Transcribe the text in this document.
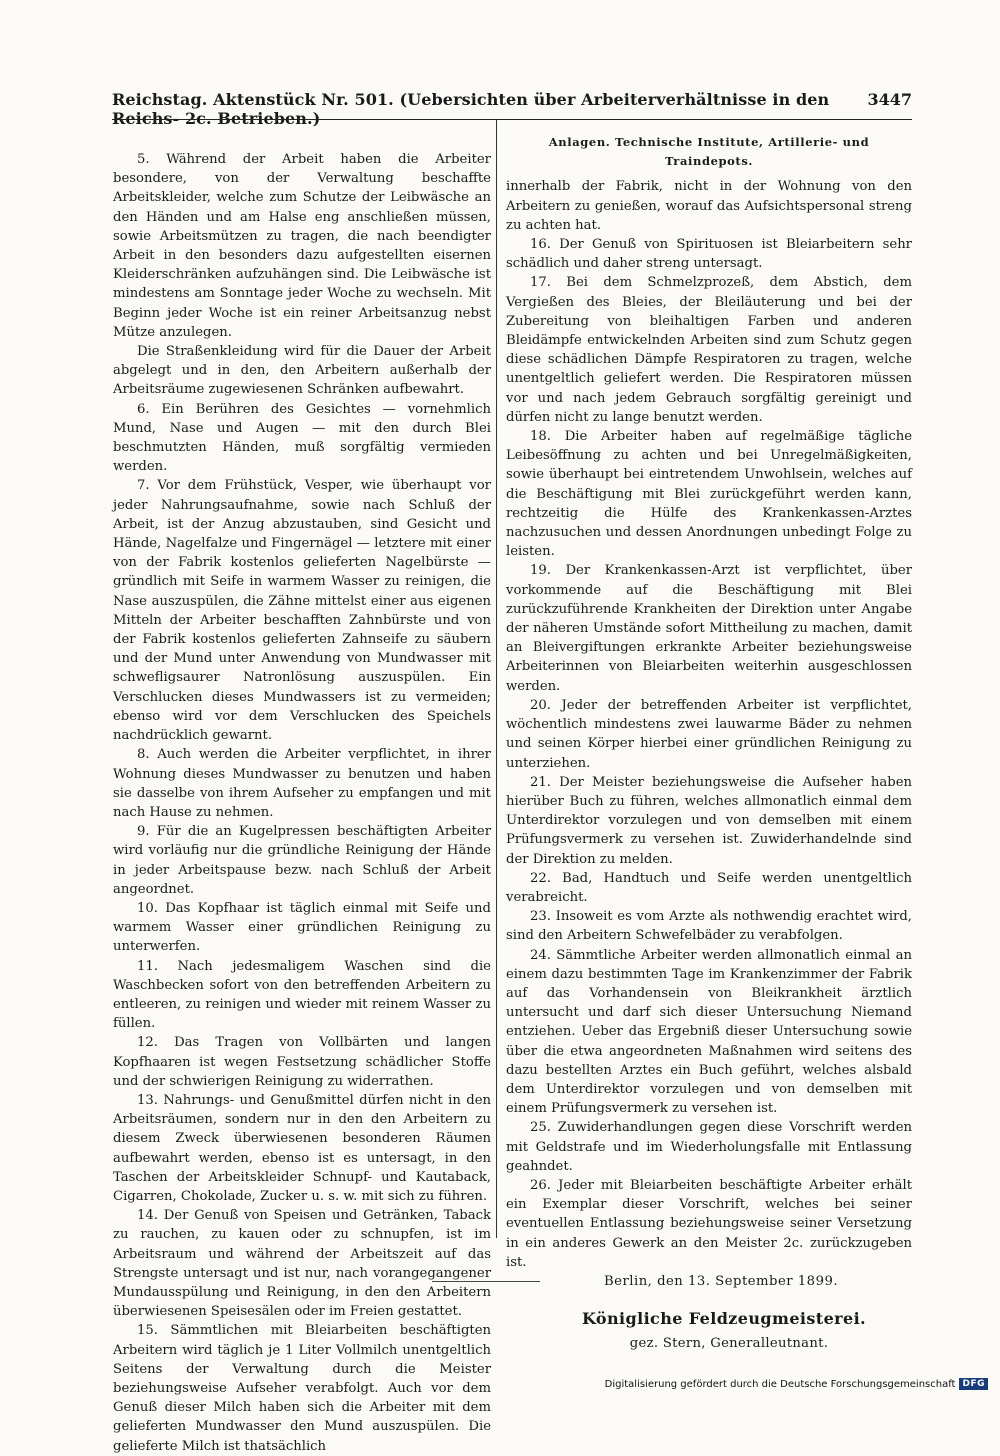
Reichstag. Aktenstück Nr. 501. (Uebersichten über Arbeiterverhältnisse in den Reichs- 2c. Betrieben.)
3447

5. Während der Arbeit haben die Arbeiter besondere, von der Verwaltung beschaffte Arbeitskleider, welche zum Schutze der Leibwäsche an den Händen und am Halse eng anschließen müssen, sowie Arbeitsmützen zu tragen, die nach beendigter Arbeit in den besonders dazu aufgestellten eisernen Kleiderschränken aufzuhängen sind. Die Leibwäsche ist mindestens am Sonntage jeder Woche zu wechseln. Mit Beginn jeder Woche ist ein reiner Arbeitsanzug nebst Mütze anzulegen.

Die Straßenkleidung wird für die Dauer der Arbeit abgelegt und in den, den Arbeitern außerhalb der Arbeitsräume zugewiesenen Schränken aufbewahrt.

6. Ein Berühren des Gesichtes — vornehmlich Mund, Nase und Augen — mit den durch Blei beschmutzten Händen, muß sorgfältig vermieden werden.

7. Vor dem Frühstück, Vesper, wie überhaupt vor jeder Nahrungsaufnahme, sowie nach Schluß der Arbeit, ist der Anzug abzustauben, sind Gesicht und Hände, Nagelfalze und Fingernägel — letztere mit einer von der Fabrik kostenlos gelieferten Nagelbürste — gründlich mit Seife in warmem Wasser zu reinigen, die Nase auszuspülen, die Zähne mittelst einer aus eigenen Mitteln der Arbeiter beschafften Zahnbürste und von der Fabrik kostenlos gelieferten Zahnseife zu säubern und der Mund unter Anwendung von Mundwasser mit schwefligsaurer Natronlösung auszuspülen. Ein Verschlucken dieses Mundwassers ist zu vermeiden; ebenso wird vor dem Verschlucken des Speichels nachdrücklich gewarnt.

8. Auch werden die Arbeiter verpflichtet, in ihrer Wohnung dieses Mundwasser zu benutzen und haben sie dasselbe von ihrem Aufseher zu empfangen und mit nach Hause zu nehmen.

9. Für die an Kugelpressen beschäftigten Arbeiter wird vorläufig nur die gründliche Reinigung der Hände in jeder Arbeitspause bezw. nach Schluß der Arbeit angeordnet.

10. Das Kopfhaar ist täglich einmal mit Seife und warmem Wasser einer gründlichen Reinigung zu unterwerfen.

11. Nach jedesmaligem Waschen sind die Waschbecken sofort von den betreffenden Arbeitern zu entleeren, zu reinigen und wieder mit reinem Wasser zu füllen.

12. Das Tragen von Vollbärten und langen Kopfhaaren ist wegen Festsetzung schädlicher Stoffe und der schwierigen Reinigung zu widerrathen.

13. Nahrungs- und Genußmittel dürfen nicht in den Arbeitsräumen, sondern nur in den den Arbeitern zu diesem Zweck überwiesenen besonderen Räumen aufbewahrt werden, ebenso ist es untersagt, in den Taschen der Arbeitskleider Schnupf- und Kautaback, Cigarren, Chokolade, Zucker u. s. w. mit sich zu führen.

14. Der Genuß von Speisen und Getränken, Taback zu rauchen, zu kauen oder zu schnupfen, ist im Arbeitsraum und während der Arbeitszeit auf das Strengste untersagt und ist nur, nach vorangegangener Mundausspülung und Reinigung, in den den Arbeitern überwiesenen Speisesälen oder im Freien gestattet.

15. Sämmtlichen mit Bleiarbeiten beschäftigten Arbeitern wird täglich je 1 Liter Vollmilch unentgeltlich Seitens der Verwaltung durch die Meister beziehungsweise Aufseher verabfolgt. Auch vor dem Genuß dieser Milch haben sich die Arbeiter mit dem gelieferten Mundwasser den Mund auszuspülen. Die gelieferte Milch ist thatsächlich

Anlagen. Technische Institute, Artillerie- und Traindepots.

innerhalb der Fabrik, nicht in der Wohnung von den Arbeitern zu genießen, worauf das Aufsichtspersonal streng zu achten hat.

16. Der Genuß von Spirituosen ist Bleiarbeitern sehr schädlich und daher streng untersagt.

17. Bei dem Schmelzprozeß, dem Abstich, dem Vergießen des Bleies, der Bleiläuterung und bei der Zubereitung von bleihaltigen Farben und anderen Bleidämpfe entwickelnden Arbeiten sind zum Schutz gegen diese schädlichen Dämpfe Respiratoren zu tragen, welche unentgeltlich geliefert werden. Die Respiratoren müssen vor und nach jedem Gebrauch sorgfältig gereinigt und dürfen nicht zu lange benutzt werden.

18. Die Arbeiter haben auf regelmäßige tägliche Leibesöffnung zu achten und bei Unregelmäßigkeiten, sowie überhaupt bei eintretendem Unwohlsein, welches auf die Beschäftigung mit Blei zurückgeführt werden kann, rechtzeitig die Hülfe des Krankenkassen-Arztes nachzusuchen und dessen Anordnungen unbedingt Folge zu leisten.

19. Der Krankenkassen-Arzt ist verpflichtet, über vorkommende auf die Beschäftigung mit Blei zurückzuführende Krankheiten der Direktion unter Angabe der näheren Umstände sofort Mittheilung zu machen, damit an Bleivergiftungen erkrankte Arbeiter beziehungsweise Arbeiterinnen von Bleiarbeiten weiterhin ausgeschlossen werden.

20. Jeder der betreffenden Arbeiter ist verpflichtet, wöchentlich mindestens zwei lauwarme Bäder zu nehmen und seinen Körper hierbei einer gründlichen Reinigung zu unterziehen.

21. Der Meister beziehungsweise die Aufseher haben hierüber Buch zu führen, welches allmonatlich einmal dem Unterdirektor vorzulegen und von demselben mit einem Prüfungsvermerk zu versehen ist. Zuwiderhandelnde sind der Direktion zu melden.

22. Bad, Handtuch und Seife werden unentgeltlich verabreicht.

23. Insoweit es vom Arzte als nothwendig erachtet wird, sind den Arbeitern Schwefelbäder zu verabfolgen.

24. Sämmtliche Arbeiter werden allmonatlich einmal an einem dazu bestimmten Tage im Krankenzimmer der Fabrik auf das Vorhandensein von Bleikrankheit ärztlich untersucht und darf sich dieser Untersuchung Niemand entziehen. Ueber das Ergebniß dieser Untersuchung sowie über die etwa angeordneten Maßnahmen wird seitens des dazu bestellten Arztes ein Buch geführt, welches alsbald dem Unterdirektor vorzulegen und von demselben mit einem Prüfungsvermerk zu versehen ist.

25. Zuwiderhandlungen gegen diese Vorschrift werden mit Geldstrafe und im Wiederholungsfalle mit Entlassung geahndet.

26. Jeder mit Bleiarbeiten beschäftigte Arbeiter erhält ein Exemplar dieser Vorschrift, welches bei seiner eventuellen Entlassung beziehungsweise seiner Versetzung in ein anderes Gewerk an den Meister 2c. zurückzugeben ist.

Berlin, den 13. September 1899.

Königliche Feldzeugmeisterei.
gez. Stern, Generalleutnant.
Digitalisierung gefördert durch die Deutsche Forschungsgemeinschaft DFG
